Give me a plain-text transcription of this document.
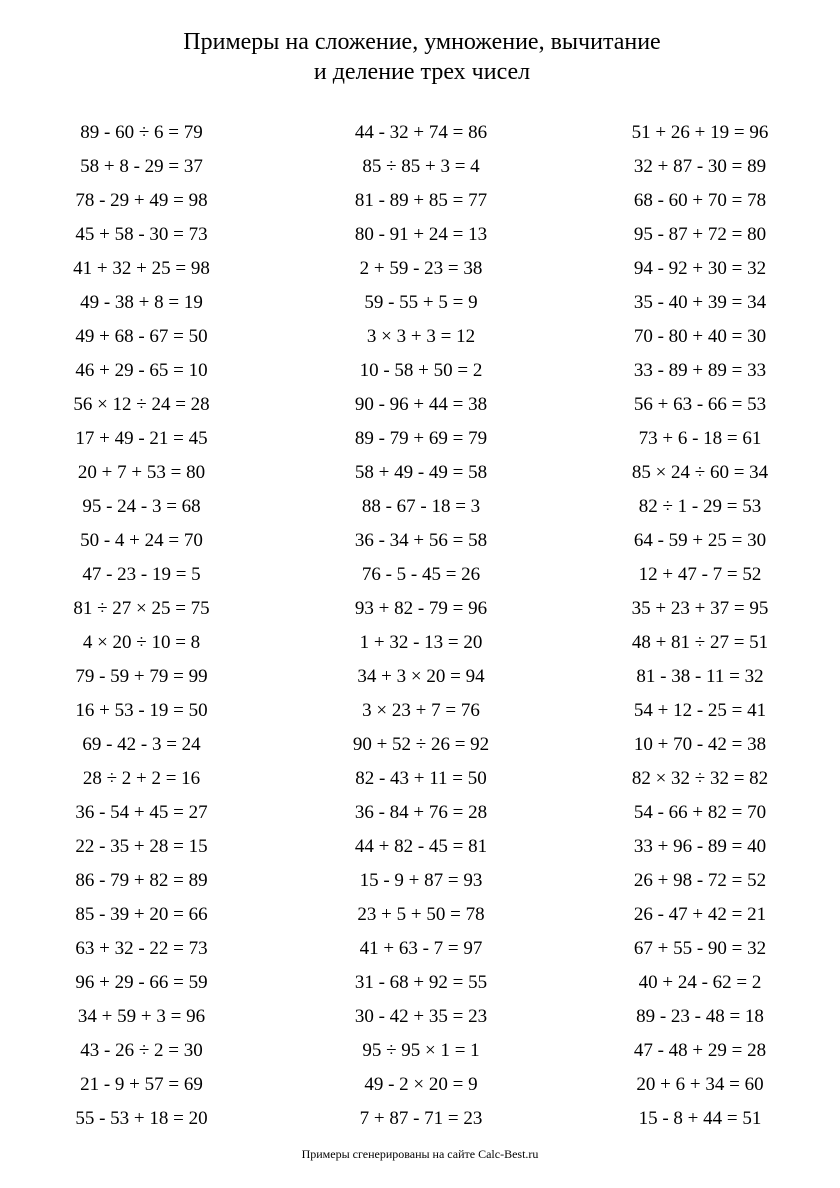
Примеры на сложение, умножение, вычитание
и деление трех чисел
89 - 60 ÷ 6 = 79
58 + 8 - 29 = 37
78 - 29 + 49 = 98
45 + 58 - 30 = 73
41 + 32 + 25 = 98
49 - 38 + 8 = 19
49 + 68 - 67 = 50
46 + 29 - 65 = 10
56 × 12 ÷ 24 = 28
17 + 49 - 21 = 45
20 + 7 + 53 = 80
95 - 24 - 3 = 68
50 - 4 + 24 = 70
47 - 23 - 19 = 5
81 ÷ 27 × 25 = 75
4 × 20 ÷ 10 = 8
79 - 59 + 79 = 99
16 + 53 - 19 = 50
69 - 42 - 3 = 24
28 ÷ 2 + 2 = 16
36 - 54 + 45 = 27
22 - 35 + 28 = 15
86 - 79 + 82 = 89
85 - 39 + 20 = 66
63 + 32 - 22 = 73
96 + 29 - 66 = 59
34 + 59 + 3 = 96
43 - 26 ÷ 2 = 30
21 - 9 + 57 = 69
55 - 53 + 18 = 20
44 - 32 + 74 = 86
85 ÷ 85 + 3 = 4
81 - 89 + 85 = 77
80 - 91 + 24 = 13
2 + 59 - 23 = 38
59 - 55 + 5 = 9
3 × 3 + 3 = 12
10 - 58 + 50 = 2
90 - 96 + 44 = 38
89 - 79 + 69 = 79
58 + 49 - 49 = 58
88 - 67 - 18 = 3
36 - 34 + 56 = 58
76 - 5 - 45 = 26
93 + 82 - 79 = 96
1 + 32 - 13 = 20
34 + 3 × 20 = 94
3 × 23 + 7 = 76
90 + 52 ÷ 26 = 92
82 - 43 + 11 = 50
36 - 84 + 76 = 28
44 + 82 - 45 = 81
15 - 9 + 87 = 93
23 + 5 + 50 = 78
41 + 63 - 7 = 97
31 - 68 + 92 = 55
30 - 42 + 35 = 23
95 ÷ 95 × 1 = 1
49 - 2 × 20 = 9
7 + 87 - 71 = 23
51 + 26 + 19 = 96
32 + 87 - 30 = 89
68 - 60 + 70 = 78
95 - 87 + 72 = 80
94 - 92 + 30 = 32
35 - 40 + 39 = 34
70 - 80 + 40 = 30
33 - 89 + 89 = 33
56 + 63 - 66 = 53
73 + 6 - 18 = 61
85 × 24 ÷ 60 = 34
82 ÷ 1 - 29 = 53
64 - 59 + 25 = 30
12 + 47 - 7 = 52
35 + 23 + 37 = 95
48 + 81 ÷ 27 = 51
81 - 38 - 11 = 32
54 + 12 - 25 = 41
10 + 70 - 42 = 38
82 × 32 ÷ 32 = 82
54 - 66 + 82 = 70
33 + 96 - 89 = 40
26 + 98 - 72 = 52
26 - 47 + 42 = 21
67 + 55 - 90 = 32
40 + 24 - 62 = 2
89 - 23 - 48 = 18
47 - 48 + 29 = 28
20 + 6 + 34 = 60
15 - 8 + 44 = 51
Примеры сгенерированы на сайте Calc-Best.ru
